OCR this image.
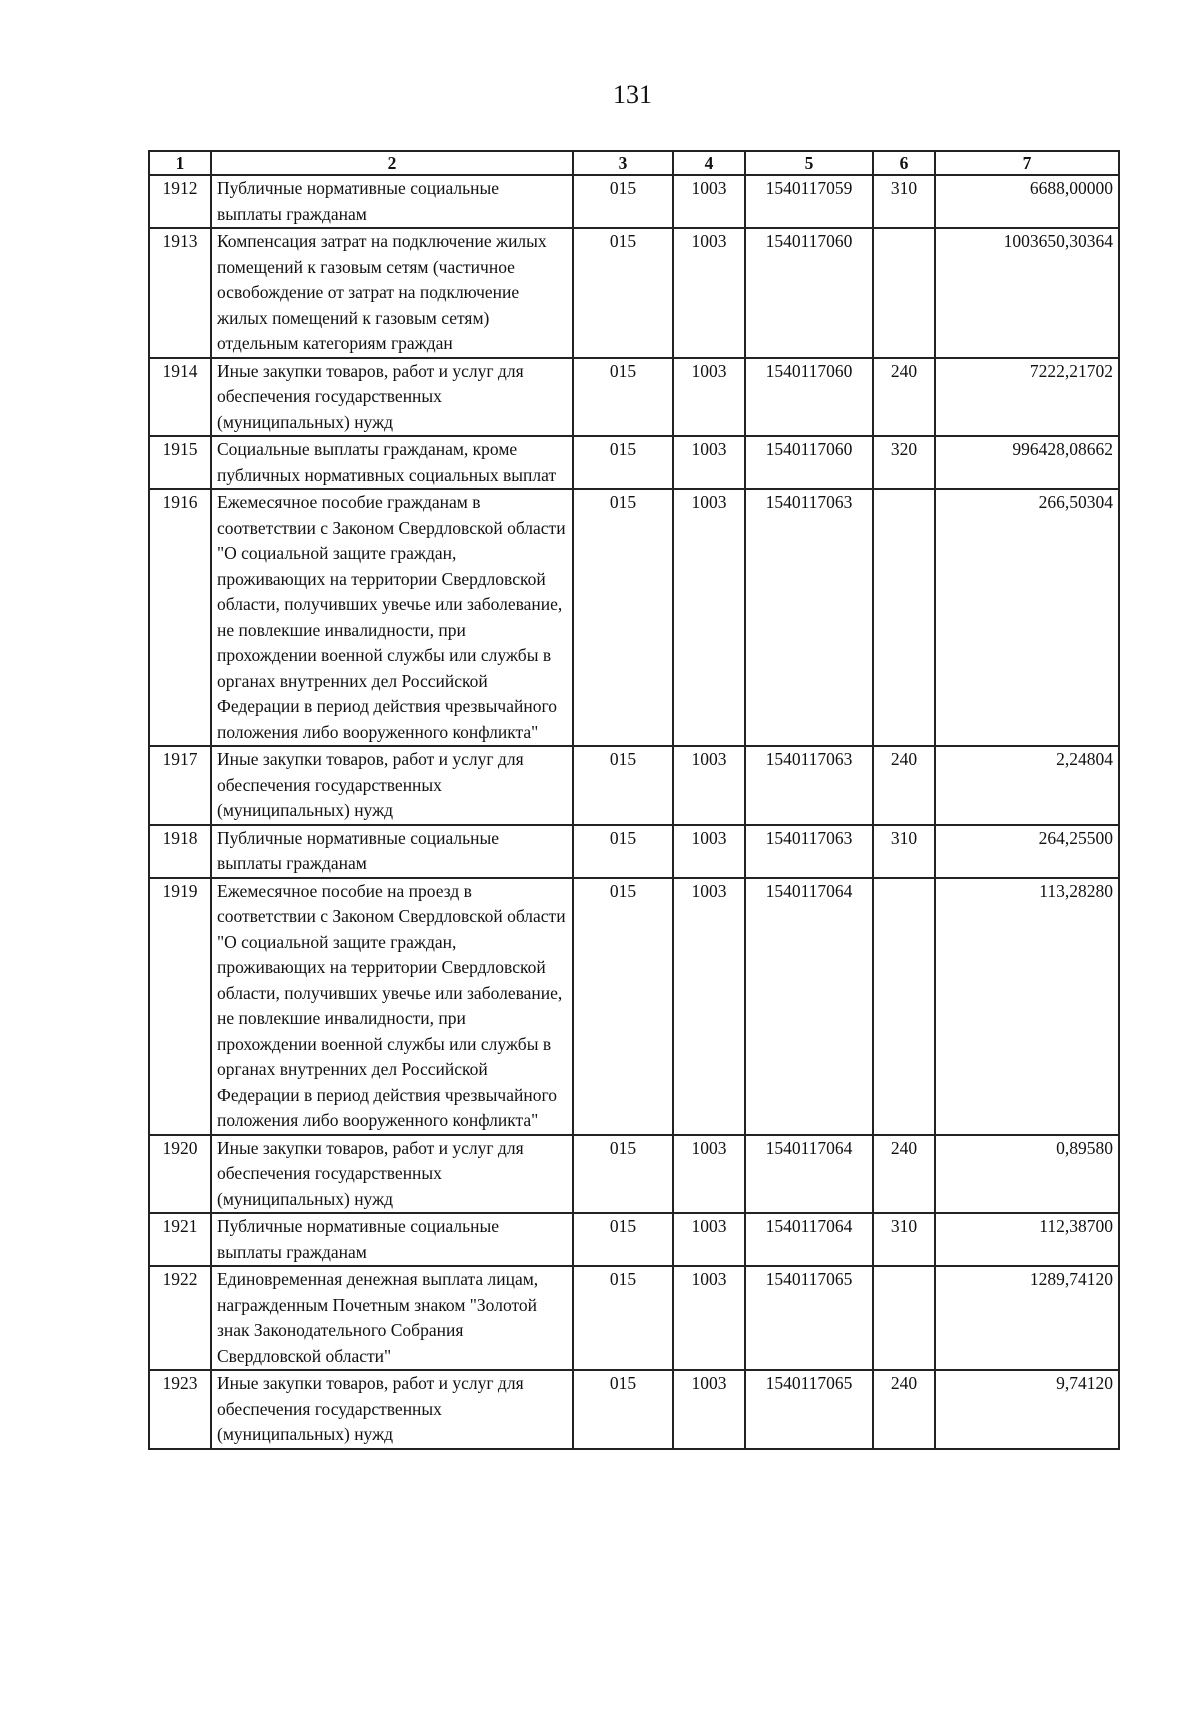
131
1	2	3	4	5	6	7
1912	Публичные нормативные социальные выплаты гражданам	015	1003	1540117059	310	6688,00000
1913	Компенсация затрат на подключение жилых помещений к газовым сетям (частичное освобождение от затрат на подключение жилых помещений к газовым сетям) отдельным категориям граждан	015	1003	1540117060		1003650,30364
1914	Иные закупки товаров, работ и услуг для обеспечения государственных (муниципальных) нужд	015	1003	1540117060	240	7222,21702
1915	Социальные выплаты гражданам, кроме публичных нормативных социальных выплат	015	1003	1540117060	320	996428,08662
1916	Ежемесячное пособие гражданам в соответствии с Законом Свердловской области "О социальной защите граждан, проживающих на территории Свердловской области, получивших увечье или заболевание, не повлекшие инвалидности, при прохождении военной службы или службы в органах внутренних дел Российской Федерации в период действия чрезвычайного положения либо вооруженного конфликта"	015	1003	1540117063		266,50304
1917	Иные закупки товаров, работ и услуг для обеспечения государственных (муниципальных) нужд	015	1003	1540117063	240	2,24804
1918	Публичные нормативные социальные выплаты гражданам	015	1003	1540117063	310	264,25500
1919	Ежемесячное пособие на проезд в соответствии с Законом Свердловской области "О социальной защите граждан, проживающих на территории Свердловской области, получивших увечье или заболевание, не повлекшие инвалидности, при прохождении военной службы или службы в органах внутренних дел Российской Федерации в период действия чрезвычайного положения либо вооруженного конфликта"	015	1003	1540117064		113,28280
1920	Иные закупки товаров, работ и услуг для обеспечения государственных (муниципальных) нужд	015	1003	1540117064	240	0,89580
1921	Публичные нормативные социальные выплаты гражданам	015	1003	1540117064	310	112,38700
1922	Единовременная денежная выплата лицам, награжденным Почетным знаком "Золотой знак Законодательного Собрания Свердловской области"	015	1003	1540117065		1289,74120
1923	Иные закупки товаров, работ и услуг для обеспечения государственных (муниципальных) нужд	015	1003	1540117065	240	9,74120
